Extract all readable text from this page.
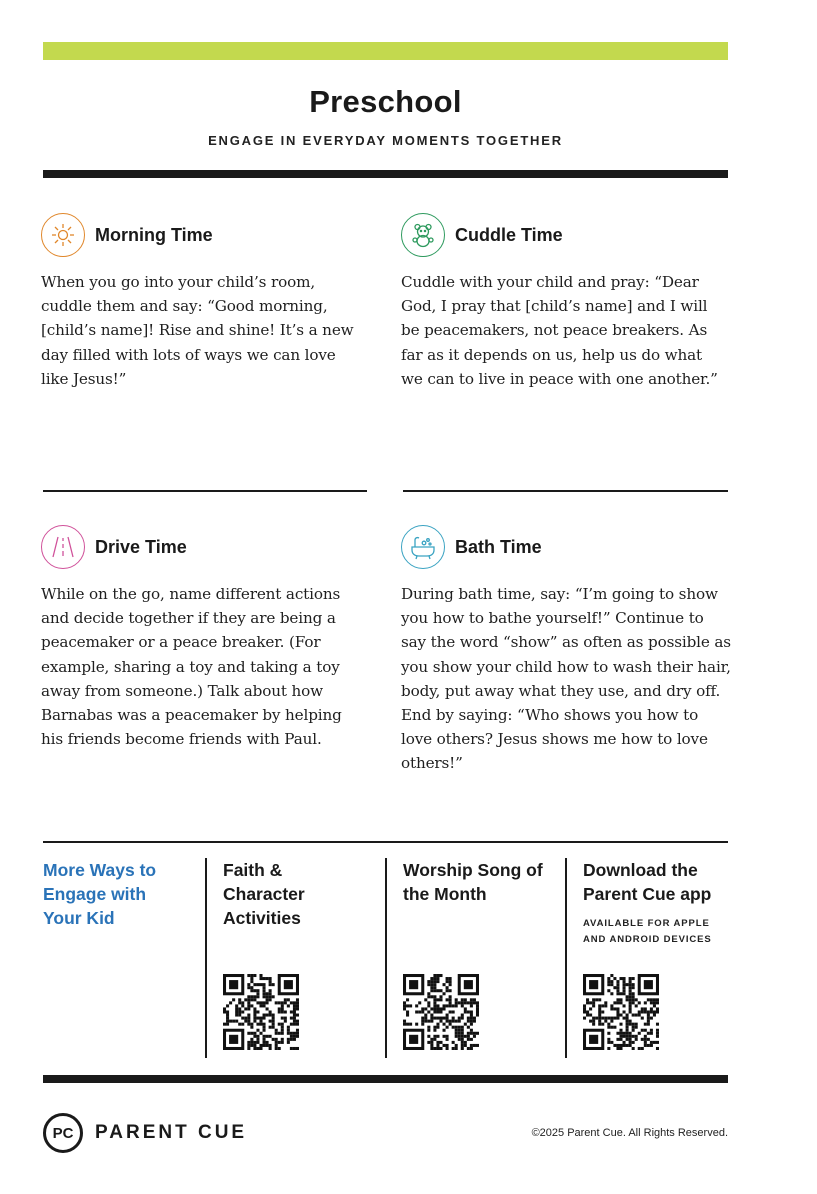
Preschool
ENGAGE IN EVERYDAY MOMENTS TOGETHER
Morning Time
When you go into your child’s room, cuddle them and say: “Good morning, [child’s name]! Rise and shine! It’s a new day filled with lots of ways we can love like Jesus!”
Cuddle Time
Cuddle with your child and pray: “Dear God, I pray that [child’s name] and I will be peacemakers, not peace breakers. As far as it depends on us, help us do what we can to live in peace with one another.”
Drive Time
While on the go, name different actions and decide together if they are being a peacemaker or a peace breaker. (For example, sharing a toy and taking a toy away from someone.) Talk about how Barnabas was a peacemaker by helping his friends become friends with Paul.
Bath Time
During bath time, say: “I’m going to show you how to bathe yourself!” Continue to say the word “show” as often as possible as you show your child how to wash their hair, body, put away what they use, and dry off. End by saying: “Who shows you how to love others? Jesus shows me how to love others!”
More Ways to Engage with Your Kid
Faith & Character Activities
Worship Song of the Month
Download the Parent Cue app
AVAILABLE FOR APPLE AND ANDROID DEVICES
PC	PARENT CUE	©2025 Parent Cue. All Rights Reserved.
